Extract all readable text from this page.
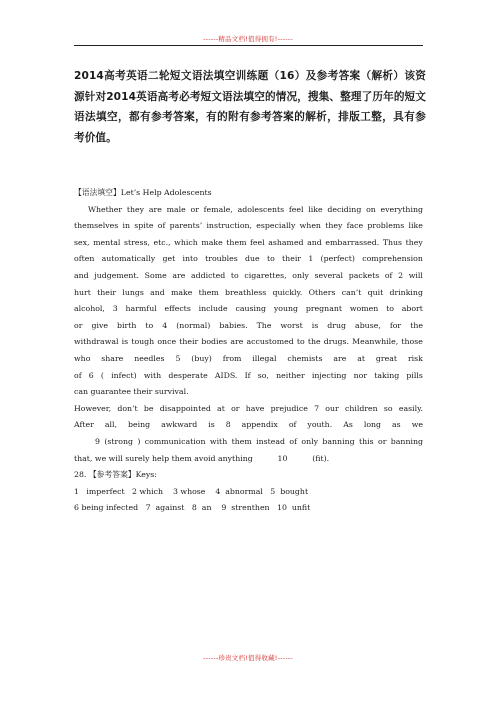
------精品文档!值得拥有!------
2014高考英语二轮短文语法填空训练题（16）及参考答案（解析）该资源针对2014英语高考必考短文语法填空的情况，搜集、整理了历年的短文语法填空，都有参考答案，有的附有参考答案的解析，排版工整，具有参考价值。
【语法填空】Let’s Help Adolescents
Whether they are male or female, adolescents feel like deciding on everything
themselves in spite of parents’ instruction, especially when they face problems like
sex, mental stress, etc., which make them feel ashamed and embarrassed. Thus they
often automatically get into troubles due to their 1 (perfect) comprehension
and judgement. Some are addicted to cigarettes, only several packets of 2 will
hurt their lungs and make them breathless quickly. Others can’t quit drinking
alcohol, 3 harmful effects include causing young pregnant women to abort
or give birth to 4 (normal) babies. The worst is drug abuse, for the
withdrawal is tough once their bodies are accustomed to the drugs. Meanwhile, those
who share needles 5 (buy) from illegal chemists are at great risk
of 6 ( infect) with desperate AIDS. If so, neither injecting nor taking pills
can guarantee their survival.
However, don’t be disappointed at or have prejudice 7 our children so easily.
After all, being awkward is 8 appendix of youth. As long as we
9 (strong ) communication with them instead of only banning this or banning
that, we will surely help them avoid anything          10          (fit).
28. 【参考答案】Keys:
1   imperfect   2 which    3 whose    4  abnormal   5  bought
6 being infected   7  against   8  an    9  strenthen   10  unfit
------珍贵文档!值得收藏!------
